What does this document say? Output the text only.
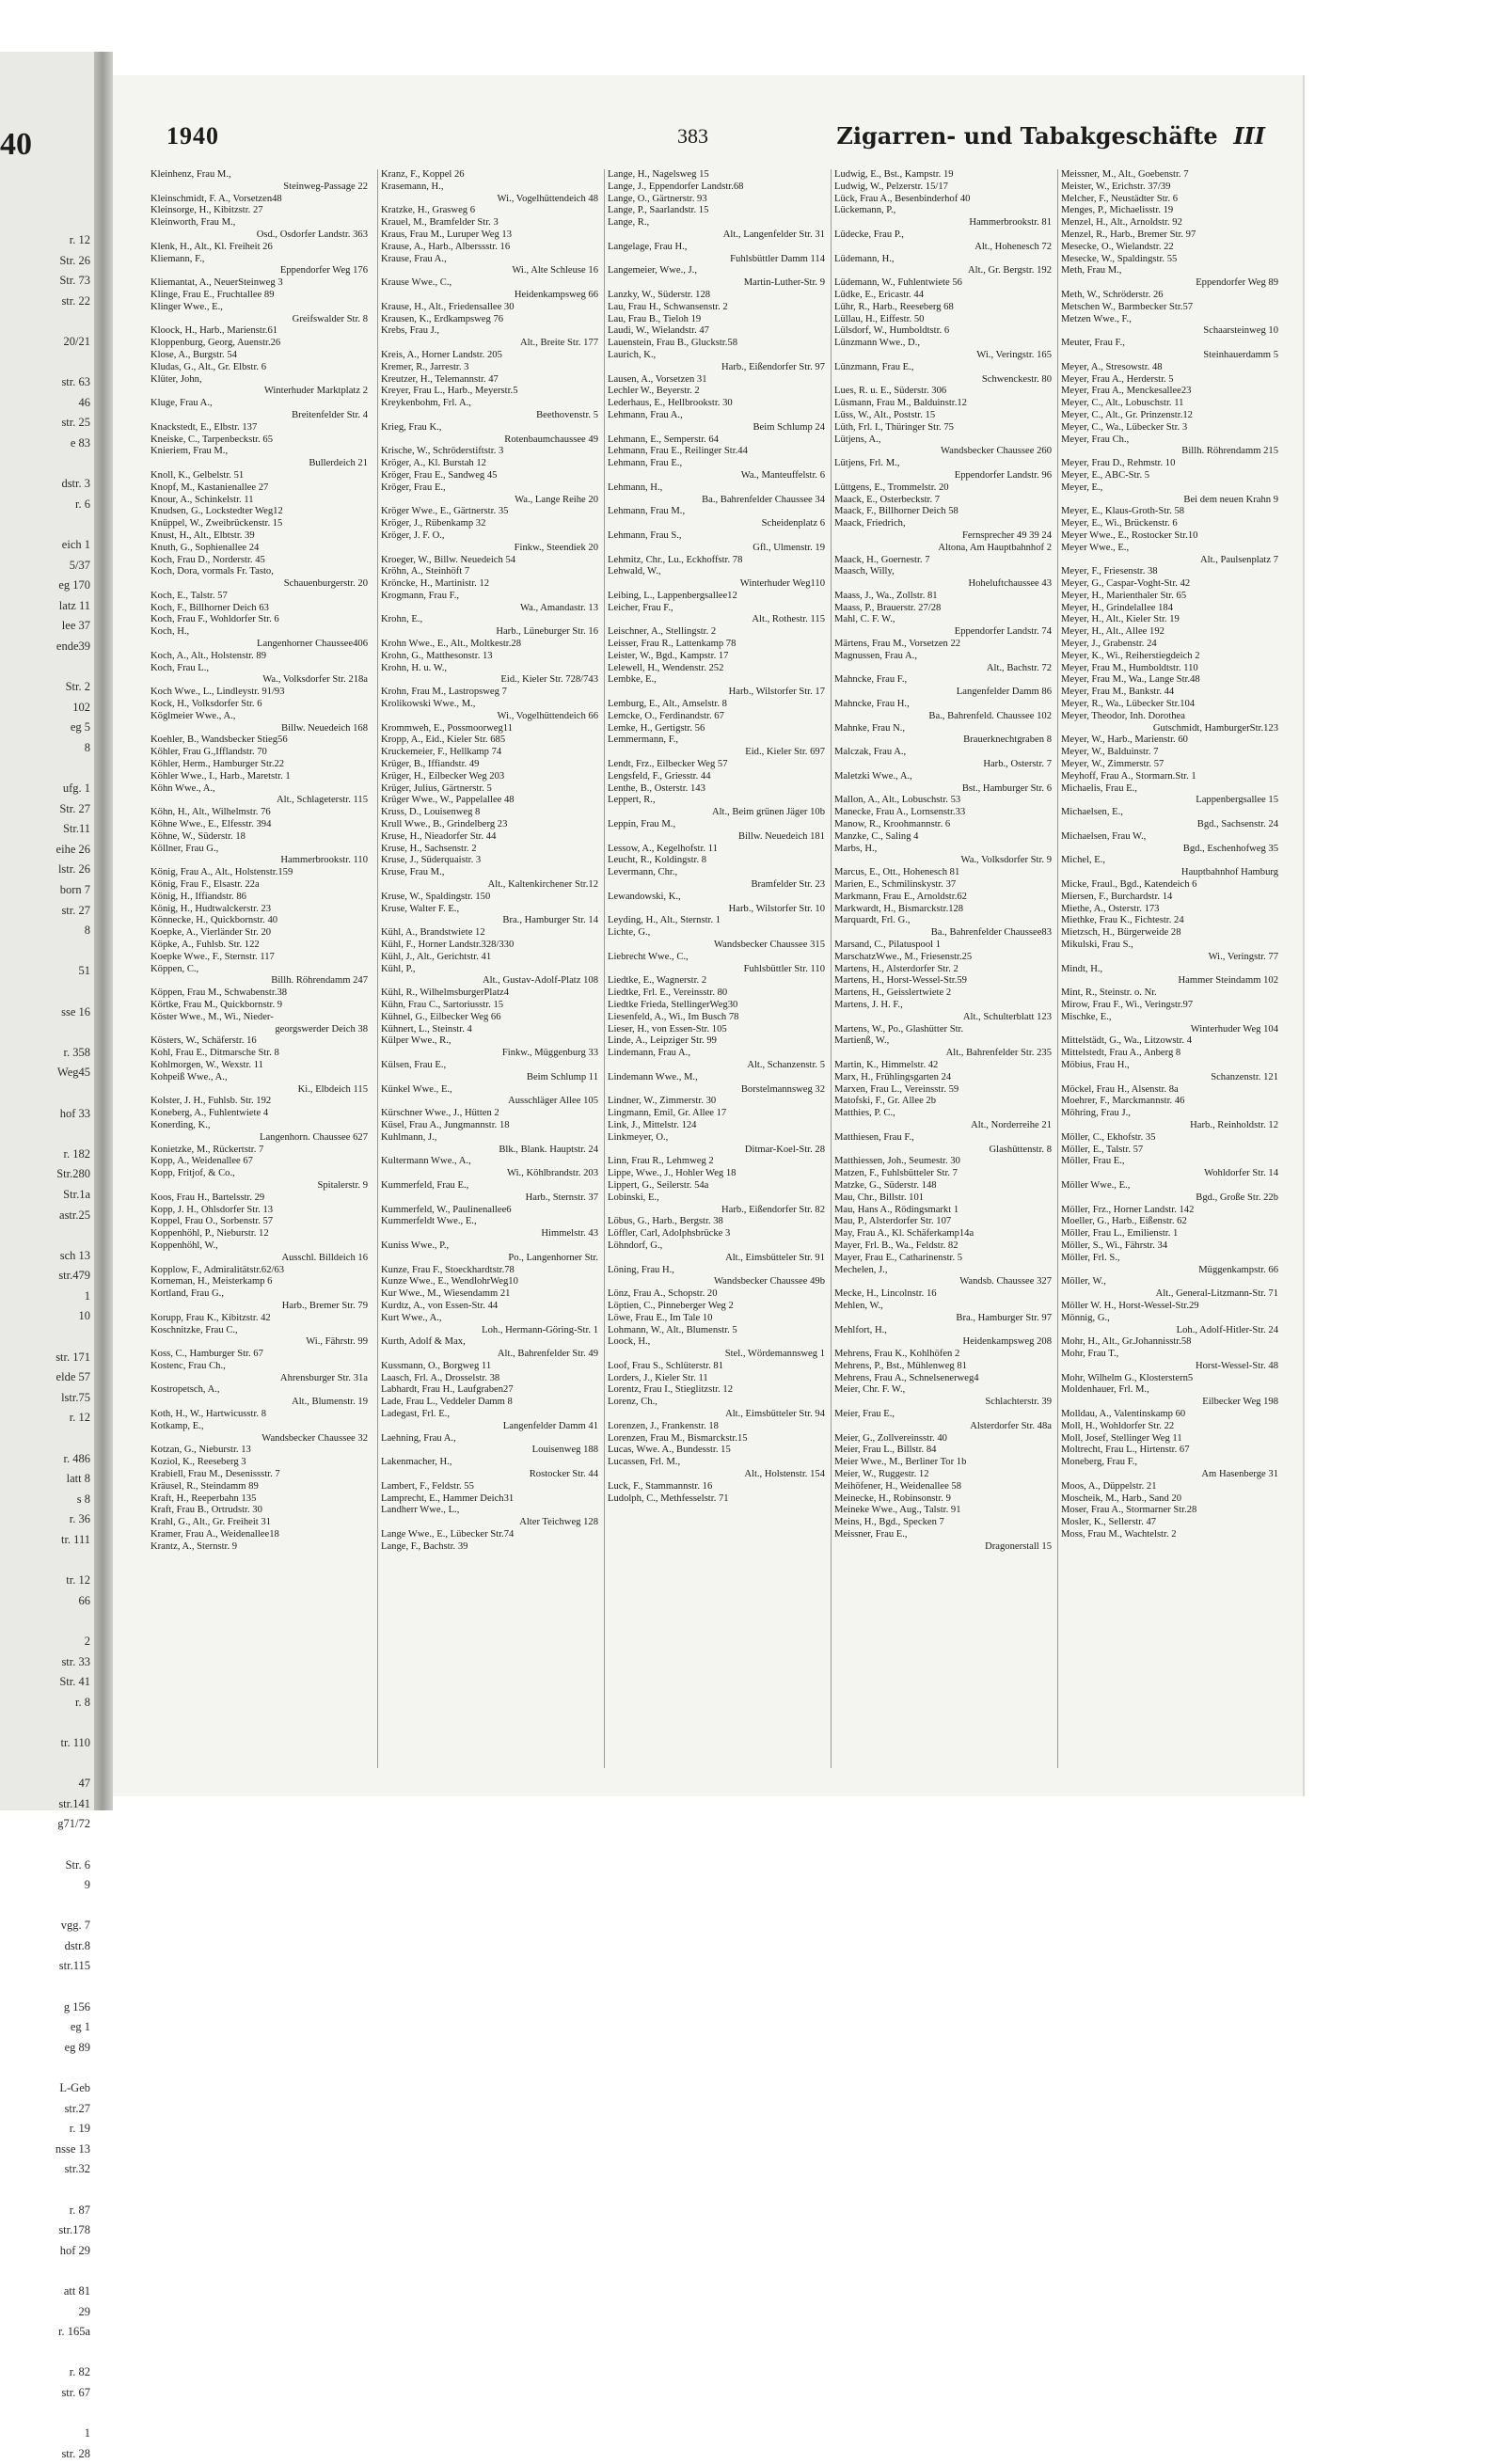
40
r. 12
Str. 26
Str. 73
str. 22

20/21

str. 63
46
str. 25
e 83

dstr. 3
r. 6

eich 1
5/37
eg 170
latz 11
lee 37
ende39

Str. 2
102
eg 5
8

ufg. 1
Str. 27
Str.11
eihe 26
lstr. 26
born 7
str. 27
8

51

sse 16

r. 358
Weg45

hof 33

r. 182
Str.280
Str.1a
astr.25

sch 13
str.479
1
10

str. 171
elde 57
lstr.75
r. 12

r. 486
latt 8
s 8
r. 36
tr. 111

tr. 12
66

2
str. 33
Str. 41
r. 8

tr. 110

47
str.141
g71/72

Str. 6
9

vgg. 7
dstr.8
str.115

g 156
eg 1
eg 89

L-Geb
str.27
r. 19
nsse 13
str.32

r. 87
str.178
hof 29

att 81
29
r. 165a

r. 82
str. 67

1
str. 28
1940	383	Zigarren- und Tabakgeschäfte III
Kleinhenz, Frau M.,
Steinweg-Passage 22
Kleinschmidt, F. A., Vorsetzen48
Kleinsorge, H., Kibitzstr. 27
Kleinworth, Frau M.,
Osd., Osdorfer Landstr. 363
Klenk, H., Alt., Kl. Freiheit 26
Kliemann, F.,
Eppendorfer Weg 176
Kliemantat, A., NeuerSteinweg 3
Klinge, Frau E., Fruchtallee 89
Klinger Wwe., E.,
Greifswalder Str. 8
Kloock, H., Harb., Marienstr.61
Kloppenburg, Georg, Auenstr.26
Klose, A., Burgstr. 54
Kludas, G., Alt., Gr. Elbstr. 6
Klüter, John,
Winterhuder Marktplatz 2
Kluge, Frau A.,
Breitenfelder Str. 4
Knackstedt, E., Elbstr. 137
Kneiske, C., Tarpenbeckstr. 65
Knieriem, Frau M.,
Bullerdeich 21
Knoll, K., Gelbelstr. 51
Knopf, M., Kastanienallee 27
Knour, A., Schinkelstr. 11
Knudsen, G., Lockstedter Weg12
Knüppel, W., Zweibrückenstr. 15
Knust, H., Alt., Elbtstr. 39
Knuth, G., Sophienallee 24
Koch, Frau D., Norderstr. 45
Koch, Dora, vormals Fr. Tasto,
Schauenburgerstr. 20
Koch, E., Talstr. 57
Koch, F., Billhorner Deich 63
Koch, Frau F., Wohldorfer Str. 6
Koch, H.,
Langenhorner Chaussee406
Koch, A., Alt., Holstenstr. 89
Koch, Frau L.,
Wa., Volksdorfer Str. 218a
Koch Wwe., L., Lindleystr. 91/93
Kock, H., Volksdorfer Str. 6
Köglmeier Wwe., A.,
Billw. Neuedeich 168
Koehler, B., Wandsbecker Stieg56
Köhler, Frau G.,Ifflandstr. 70
Köhler, Herm., Hamburger Str.22
Köhler Wwe., I., Harb., Maretstr. 1
Köhn Wwe., A.,
Alt., Schlageterstr. 115
Köhn, H., Alt., Wilhelmstr. 76
Köhne Wwe., E., Elfesstr. 394
Köhne, W., Süderstr. 18
Köllner, Frau G.,
Hammerbrookstr. 110
König, Frau A., Alt., Holstenstr.159
König, Frau F., Elsastr. 22a
König, H., Iffiandstr. 86
König, H., Hudtwalckerstr. 23
Könnecke, H., Quickbornstr. 40
Koepke, A., Vierländer Str. 20
Köpke, A., Fuhlsb. Str. 122
Koepke Wwe., F., Sternstr. 117
Köppen, C.,
Billh. Röhrendamm 247
Köppen, Frau M., Schwabenstr.38
Körtke, Frau M., Quickbornstr. 9
Köster Wwe., M., Wi., Nieder-
georgswerder Deich 38
Kösters, W., Schäferstr. 16
Kohl, Frau E., Ditmarsche Str. 8
Kohlmorgen, W., Wexstr. 11
Kohpeiß Wwe., A.,
Ki., Elbdeich 115
Kolster, J. H., Fuhlsb. Str. 192
Koneberg, A., Fuhlentwiete 4
Konerding, K.,
Langenhorn. Chaussee 627
Konietzke, M., Rückertstr. 7
Kopp, A., Weidenallee 67
Kopp, Fritjof, & Co.,
Spitalerstr. 9
Koos, Frau H., Bartelsstr. 29
Kopp, J. H., Ohlsdorfer Str. 13
Koppel, Frau O., Sorbenstr. 57
Koppenhöhl, P., Nieburstr. 12
Koppenhöhl, W.,
Ausschl. Billdeich 16
Kopplow, F., Admiralitätstr.62/63
Korneman, H., Meisterkamp 6
Kortland, Frau G.,
Harb., Bremer Str. 79
Korupp, Frau K., Kibitzstr. 42
Koschnitzke, Frau C.,
Wi., Fährstr. 99
Koss, C., Hamburger Str. 67
Kostenc, Frau Ch.,
Ahrensburger Str. 31a
Kostropetsch, A.,
Alt., Blumenstr. 19
Koth, H., W., Hartwicusstr. 8
Kotkamp, E.,
Wandsbecker Chaussee 32
Kotzan, G., Nieburstr. 13
Koziol, K., Reeseberg 3
Krabiell, Frau M., Desenissstr. 7
Kräusel, R., Steindamm 89
Kraft, H., Reeperbahn 135
Kraft, Frau B., Ortrudstr. 30
Krahl, G., Alt., Gr. Freiheit 31
Kramer, Frau A., Weidenallee18
Krantz, A., Sternstr. 9
Kranz, F., Koppel 26
Krasemann, H.,
Wi., Vogelhüttendeich 48
Kratzke, H., Grasweg 6
Krauel, M., Bramfelder Str. 3
Kraus, Frau M., Luruper Weg 13
Krause, A., Harb., Alberssstr. 16
Krause, Frau A.,
Wi., Alte Schleuse 16
Krause Wwe., C.,
Heidenkampsweg 66
Krause, H., Alt., Friedensallee 30
Krausen, K., Erdkampsweg 76
Krebs, Frau J.,
Alt., Breite Str. 177
Kreis, A., Horner Landstr. 205
Kremer, R., Jarrestr. 3
Kreutzer, H., Telemannstr. 47
Kreyer, Frau L., Harb., Meyerstr.5
Kreykenbohm, Frl. A.,
Beethovenstr. 5
Krieg, Frau K.,
Rotenbaumchaussee 49
Krische, W., Schröderstiftstr. 3
Kröger, A., Kl. Burstah 12
Kröger, Frau E., Sandweg 45
Kröger, Frau E.,
Wa., Lange Reihe 20
Kröger Wwe., E., Gärtnerstr. 35
Kröger, J., Rübenkamp 32
Kröger, J. F. O.,
Finkw., Steendiek 20
Kroeger, W., Billw. Neuedeich 54
Kröhn, A., Steinhöft 7
Kröncke, H., Martinistr. 12
Krogmann, Frau F.,
Wa., Amandastr. 13
Krohn, E.,
Harb., Lüneburger Str. 16
Krohn Wwe., E., Alt., Moltkestr.28
Krohn, G., Matthesonstr. 13
Krohn, H. u. W.,
Eid., Kieler Str. 728/743
Krohn, Frau M., Lastropsweg 7
Krolikowski Wwe., M.,
Wi., Vogelhüttendeich 66
Krommweh, E., Possmoorweg11
Kropp, A., Eid., Kieler Str. 685
Kruckemeier, F., Hellkamp 74
Krüger, B., Iffiandstr. 49
Krüger, H., Eilbecker Weg 203
Krüger, Julius, Gärtnerstr. 5
Krüger Wwe., W., Pappelallee 48
Kruss, D., Louisenweg 8
Krull Wwe., B., Grindelberg 23
Kruse, H., Nieadorfer Str. 44
Kruse, H., Sachsenstr. 2
Kruse, J., Süderquaistr. 3
Kruse, Frau M.,
Alt., Kaltenkirchener Str.12
Kruse, W., Spaldingstr. 150
Kruse, Walter F. E.,
Bra., Hamburger Str. 14
Kühl, A., Brandstwiete 12
Kühl, F., Horner Landstr.328/330
Kühl, J., Alt., Gerichtstr. 41
Kühl, P.,
Alt., Gustav-Adolf-Platz 108
Kühl, R., WilhelmsburgerPlatz4
Kühn, Frau C., Sartoriusstr. 15
Kühnel, G., Eilbecker Weg 66
Kühnert, L., Steinstr. 4
Külper Wwe., R.,
Finkw., Müggenburg 33
Külsen, Frau E.,
Beim Schlump 11
Künkel Wwe., E.,
Ausschläger Allee 105
Kürschner Wwe., J., Hütten 2
Küsel, Frau A., Jungmannstr. 18
Kuhlmann, J.,
Blk., Blank. Hauptstr. 24
Kultermann Wwe., A.,
Wi., Köhlbrandstr. 203
Kummerfeld, Frau E.,
Harb., Sternstr. 37
Kummerfeld, W., Paulinenallee6
Kummerfeldt Wwe., E.,
Himmelstr. 43
Kuniss Wwe., P.,
Po., Langenhorner Str.
Kunze, Frau F., Stoeckhardtstr.78
Kunze Wwe., E., WendlohrWeg10
Kur Wwe., M., Wiesendamm 21
Kurdtz, A., von Essen-Str. 44
Kurt Wwe., A.,
Loh., Hermann-Göring-Str. 1
Kurth, Adolf & Max,
Alt., Bahrenfelder Str. 49
Kussmann, O., Borgweg 11
Laasch, Frl. A., Drosselstr. 38
Labhardt, Frau H., Laufgraben27
Lade, Frau L., Veddeler Damm 8
Ladegast, Frl. E.,
Langenfelder Damm 41
Laehning, Frau A.,
Louisenweg 188
Lakenmacher, H.,
Rostocker Str. 44
Lambert, F., Feldstr. 55
Lamprecht, E., Hammer Deich31
Landherr Wwe., L.,
Alter Teichweg 128
Lange Wwe., E., Lübecker Str.74
Lange, F., Bachstr. 39
Lange, H., Nagelsweg 15
Lange, J., Eppendorfer Landstr.68
Lange, O., Gärtnerstr. 93
Lange, P., Saarlandstr. 15
Lange, R.,
Alt., Langenfelder Str. 31
Langelage, Frau H.,
Fuhlsbüttler Damm 114
Langemeier, Wwe., J.,
Martin-Luther-Str. 9
Lanzky, W., Süderstr. 128
Lau, Frau H., Schwansenstr. 2
Lau, Frau B., Tieloh 19
Laudi, W., Wielandstr. 47
Lauenstein, Frau B., Gluckstr.58
Laurich, K.,
Harb., Eißendorfer Str. 97
Lausen, A., Vorsetzen 31
Lechler W., Beyerstr. 2
Lederhaus, E., Hellbrookstr. 30
Lehmann, Frau A.,
Beim Schlump 24
Lehmann, E., Semperstr. 64
Lehmann, Frau E., Reilinger Str.44
Lehmann, Frau E.,
Wa., Manteuffelstr. 6
Lehmann, H.,
Ba., Bahrenfelder Chaussee 34
Lehmann, Frau M.,
Scheidenplatz 6
Lehmann, Frau S.,
Gfl., Ulmenstr. 19
Lehmitz, Chr., Lu., Eckhoffstr. 78
Lehwald, W.,
Winterhuder Weg110
Leibing, L., Lappenbergsallee12
Leicher, Frau F.,
Alt., Rothestr. 115
Leischner, A., Stellingstr. 2
Leisser, Frau R., Lattenkamp 78
Leister, W., Bgd., Kampstr. 17
Lelewell, H., Wendenstr. 252
Lembke, E.,
Harb., Wilstorfer Str. 17
Lemburg, E., Alt., Amselstr. 8
Lemcke, O., Ferdinandstr. 67
Lemke, H., Gertigstr. 56
Lemmermann, F.,
Eid., Kieler Str. 697
Lendt, Frz., Eilbecker Weg 57
Lengsfeld, F., Griesstr. 44
Lenthe, B., Osterstr. 143
Leppert, R.,
Alt., Beim grünen Jäger 10b
Leppin, Frau M.,
Billw. Neuedeich 181
Lessow, A., Kegelhofstr. 11
Leucht, R., Koldingstr. 8
Levermann, Chr.,
Bramfelder Str. 23
Lewandowski, K.,
Harb., Wilstorfer Str. 10
Leyding, H., Alt., Sternstr. 1
Lichte, G.,
Wandsbecker Chaussee 315
Liebrecht Wwe., C.,
Fuhlsbüttler Str. 110
Liedtke, E., Wagnerstr. 2
Liedtke, Frl. E., Vereinsstr. 80
Liedtke Frieda, StellingerWeg30
Liesenfeld, A., Wi., Im Busch 78
Lieser, H., von Essen-Str. 105
Linde, A., Leipziger Str. 99
Lindemann, Frau A.,
Alt., Schanzenstr. 5
Lindemann Wwe., M.,
Borstelmannsweg 32
Lindner, W., Zimmerstr. 30
Lingmann, Emil, Gr. Allee 17
Link, J., Mittelstr. 124
Linkmeyer, O.,
Ditmar-Koel-Str. 28
Linn, Frau R., Lehmweg 2
Lippe, Wwe., J., Hohler Weg 18
Lippert, G., Seilerstr. 54a
Lobinski, E.,
Harb., Eißendorfer Str. 82
Löbus, G., Harb., Bergstr. 38
Löffler, Carl, Adolphsbrücke 3
Löhndorf, G.,
Alt., Eimsbütteler Str. 91
Löning, Frau H.,
Wandsbecker Chaussee 49b
Lönz, Frau A., Schopstr. 20
Löptien, C., Pinneberger Weg 2
Löwe, Frau E., Im Tale 10
Lohmann, W., Alt., Blumenstr. 5
Loock, H.,
Stel., Wördemannsweg 1
Loof, Frau S., Schlüterstr. 81
Lorders, J., Kieler Str. 11
Lorentz, Frau I., Stieglitzstr. 12
Lorenz, Ch.,
Alt., Eimsbütteler Str. 94
Lorenzen, J., Frankenstr. 18
Lorenzen, Frau M., Bismarckstr.15
Lucas, Wwe. A., Bundesstr. 15
Lucassen, Frl. M.,
Alt., Holstenstr. 154
Luck, F., Stammannstr. 16
Ludolph, C., Methfesselstr. 71
Ludwig, E., Bst., Kampstr. 19
Ludwig, W., Pelzerstr. 15/17
Lück, Frau A., Besenbinderhof 40
Lückemann, P.,
Hammerbrookstr. 81
Lüdecke, Frau P.,
Alt., Hohenesch 72
Lüdemann, H.,
Alt., Gr. Bergstr. 192
Lüdemann, W., Fuhlentwiete 56
Lüdke, E., Ericastr. 44
Lühr, R., Harb., Reeseberg 68
Lüllau, H., Eiffestr. 50
Lülsdorf, W., Humboldtstr. 6
Lünzmann Wwe., D.,
Wi., Veringstr. 165
Lünzmann, Frau E.,
Schwenckestr. 80
Lues, R. u. E., Süderstr. 306
Lüsmann, Frau M., Balduinstr.12
Lüss, W., Alt., Poststr. 15
Lüth, Frl. I., Thüringer Str. 75
Lütjens, A.,
Wandsbecker Chaussee 260
Lütjens, Frl. M.,
Eppendorfer Landstr. 96
Lüttgens, E., Trommelstr. 20
Maack, E., Osterbeckstr. 7
Maack, F., Billhorner Deich 58
Maack, Friedrich,
Fernsprecher 49 39 24
Altona, Am Hauptbahnhof 2
Maack, H., Goernestr. 7
Maasch, Willy,
Hoheluftchaussee 43
Maass, J., Wa., Zollstr. 81
Maass, P., Brauerstr. 27/28
Mahl, C. F. W.,
Eppendorfer Landstr. 74
Märtens, Frau M., Vorsetzen 22
Magnussen, Frau A.,
Alt., Bachstr. 72
Mahncke, Frau F.,
Langenfelder Damm 86
Mahncke, Frau H.,
Ba., Bahrenfeld. Chaussee 102
Mahnke, Frau N.,
Brauerknechtgraben 8
Malczak, Frau A.,
Harb., Osterstr. 7
Maletzki Wwe., A.,
Bst., Hamburger Str. 6
Mallon, A., Alt., Lobuschstr. 53
Manecke, Frau A., Lornsenstr.33
Manow, R., Kroohmannstr. 6
Manzke, C., Saling 4
Marbs, H.,
Wa., Volksdorfer Str. 9
Marcus, E., Ott., Hohenesch 81
Marien, E., Schmilinskystr. 37
Markmann, Frau E., Arnoldstr.62
Markwardt, H., Bismarckstr.128
Marquardt, Frl. G.,
Ba., Bahrenfelder Chaussee83
Marsand, C., Pilatuspool 1
MarschatzWwe., M., Friesenstr.25
Martens, H., Alsterdorfer Str. 2
Martens, H., Horst-Wessel-Str.59
Martens, H., Geisslertwiete 2
Martens, J. H. F.,
Alt., Schulterblatt 123
Martens, W., Po., Glashütter Str.
Martienß, W.,
Alt., Bahrenfelder Str. 235
Martin, K., Himmelstr. 42
Marx, H., Frühlingsgarten 24
Marxen, Frau L., Vereinsstr. 59
Matofski, F., Gr. Allee 2b
Matthies, P. C.,
Alt., Norderreihe 21
Matthiesen, Frau F.,
Glashüttenstr. 8
Matthiessen, Joh., Seumestr. 30
Matzen, F., Fuhlsbütteler Str. 7
Matzke, G., Süderstr. 148
Mau, Chr., Billstr. 101
Mau, Hans A., Rödingsmarkt 1
Mau, P., Alsterdorfer Str. 107
May, Frau A., Kl. Schäferkamp14a
Mayer, Frl. B., Wa., Feldstr. 82
Mayer, Frau E., Catharinenstr. 5
Mechelen, J.,
Wandsb. Chaussee 327
Mecke, H., Lincolnstr. 16
Mehlen, W.,
Bra., Hamburger Str. 97
Mehlfort, H.,
Heidenkampsweg 208
Mehrens, Frau K., Kohlhöfen 2
Mehrens, P., Bst., Mühlenweg 81
Mehrens, Frau A., Schnelsenerweg4
Meier, Chr. F. W.,
Schlachterstr. 39
Meier, Frau E.,
Alsterdorfer Str. 48a
Meier, G., Zollvereinsstr. 40
Meier, Frau L., Billstr. 84
Meier Wwe., M., Berliner Tor 1b
Meier, W., Ruggestr. 12
Meihöfener, H., Weidenallee 58
Meinecke, H., Robinsonstr. 9
Meineke Wwe., Aug., Talstr. 91
Meins, H., Bgd., Specken 7
Meissner, Frau E.,
Dragonerstall 15
Meissner, M., Alt., Goebenstr. 7
Meister, W., Erichstr. 37/39
Melcher, F., Neustädter Str. 6
Menges, P., Michaelisstr. 19
Menzel, H., Alt., Arnoldstr. 92
Menzel, R., Harb., Bremer Str. 97
Mesecke, O., Wielandstr. 22
Mesecke, W., Spaldingstr. 55
Meth, Frau M.,
Eppendorfer Weg 89
Meth, W., Schröderstr. 26
Metschen W., Barmbecker Str.57
Metzen Wwe., F.,
Schaarsteinweg 10
Meuter, Frau F.,
Steinhauerdamm 5
Meyer, A., Stresowstr. 48
Meyer, Frau A., Herderstr. 5
Meyer, Frau A., Menckesallee23
Meyer, C., Alt., Lobuschstr. 11
Meyer, C., Alt., Gr. Prinzenstr.12
Meyer, C., Wa., Lübecker Str. 3
Meyer, Frau Ch.,
Billh. Röhrendamm 215
Meyer, Frau D., Rehmstr. 10
Meyer, E., ABC-Str. 5
Meyer, E.,
Bei dem neuen Krahn 9
Meyer, E., Klaus-Groth-Str. 58
Meyer, E., Wi., Brückenstr. 6
Meyer Wwe., E., Rostocker Str.10
Meyer Wwe., E.,
Alt., Paulsenplatz 7
Meyer, F., Friesenstr. 38
Meyer, G., Caspar-Voght-Str. 42
Meyer, H., Marienthaler Str. 65
Meyer, H., Grindelallee 184
Meyer, H., Alt., Kieler Str. 19
Meyer, H., Alt., Allee 192
Meyer, J., Grabenstr. 24
Meyer, K., Wi., Reiherstiegdeich 2
Meyer, Frau M., Humboldtstr. 110
Meyer, Frau M., Wa., Lange Str.48
Meyer, Frau M., Bankstr. 44
Meyer, R., Wa., Lübecker Str.104
Meyer, Theodor, Inh. Dorothea
Gutschmidt, HamburgerStr.123
Meyer, W., Harb., Marienstr. 60
Meyer, W., Balduinstr. 7
Meyer, W., Zimmerstr. 57
Meyhoff, Frau A., Stormarn.Str. 1
Michaelis, Frau E.,
Lappenbergsallee 15
Michaelsen, E.,
Bgd., Sachsenstr. 24
Michaelsen, Frau W.,
Bgd., Eschenhofweg 35
Michel, E.,
Hauptbahnhof Hamburg
Micke, Fraul., Bgd., Katendeich 6
Miersen, F., Burchardstr. 14
Miethe, A., Osterstr. 173
Miethke, Frau K., Fichtestr. 24
Mietzsch, H., Bürgerweide 28
Mikulski, Frau S.,
Wi., Veringstr. 77
Mindt, H.,
Hammer Steindamm 102
Mint, R., Steinstr. o. Nr.
Mirow, Frau F., Wi., Veringstr.97
Mischke, E.,
Winterhuder Weg 104
Mittelstädt, G., Wa., Litzowstr. 4
Mittelstedt, Frau A., Anberg 8
Möbius, Frau H.,
Schanzenstr. 121
Möckel, Frau H., Alsenstr. 8a
Moehrer, F., Marckmannstr. 46
Möhring, Frau J.,
Harb., Reinholdstr. 12
Möller, C., Ekhofstr. 35
Möller, E., Talstr. 57
Möller, Frau E.,
Wohldorfer Str. 14
Möller Wwe., E.,
Bgd., Große Str. 22b
Möller, Frz., Horner Landstr. 142
Moeller, G., Harb., Eißenstr. 62
Möller, Frau L., Emilienstr. 1
Möller, S., Wi., Fährstr. 34
Möller, Frl. S.,
Müggenkampstr. 66
Möller, W.,
Alt., General-Litzmann-Str. 71
Möller W. H., Horst-Wessel-Str.29
Mönnig, G.,
Loh., Adolf-Hitler-Str. 24
Mohr, H., Alt., Gr.Johannisstr.58
Mohr, Frau T.,
Horst-Wessel-Str. 48
Mohr, Wilhelm G., Klosterstern5
Moldenhauer, Frl. M.,
Eilbecker Weg 198
Molldau, A., Valentinskamp 60
Moll, H., Wohldorfer Str. 22
Moll, Josef, Stellinger Weg 11
Moltrecht, Frau L., Hirtenstr. 67
Moneberg, Frau F.,
Am Hasenberge 31
Moos, A., Düppelstr. 21
Moscheik, M., Harb., Sand 20
Moser, Frau A., Stormarner Str.28
Mosler, K., Sellerstr. 47
Moss, Frau M., Wachtelstr. 2
